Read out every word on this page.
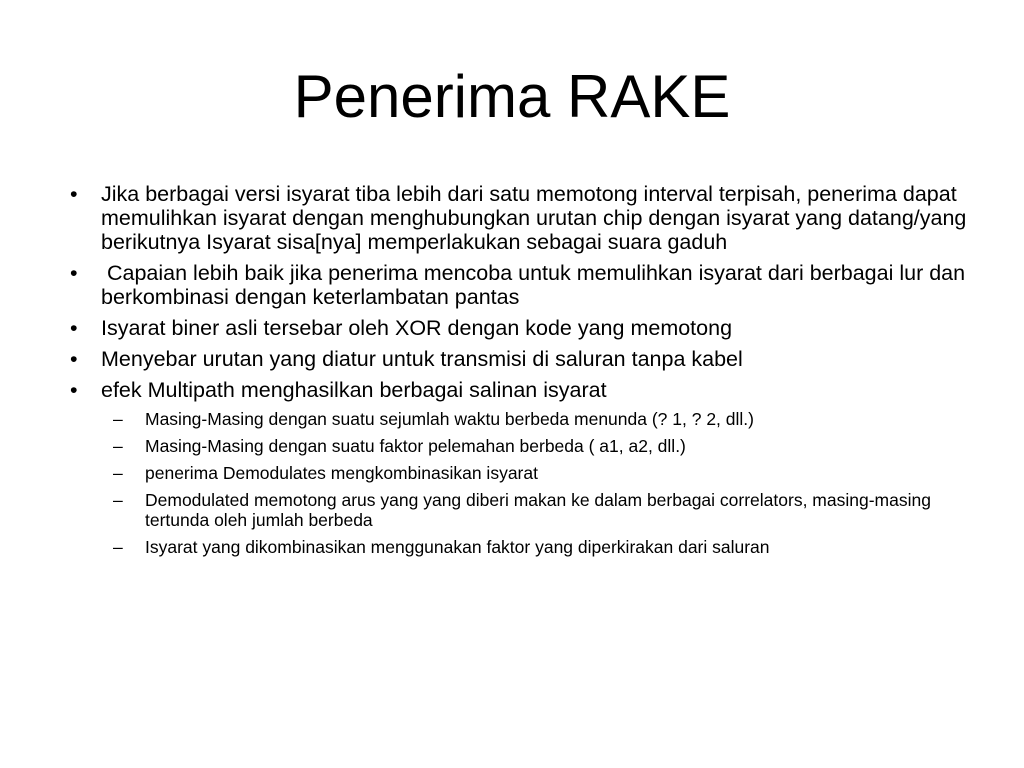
Penerima RAKE
•	Jika berbagai versi isyarat tiba lebih dari satu memotong interval terpisah, penerima dapat memulihkan isyarat dengan menghubungkan urutan chip dengan isyarat yang datang/yang berikutnya Isyarat sisa[nya] memperlakukan sebagai suara gaduh
•	Capaian lebih baik jika penerima mencoba untuk memulihkan isyarat dari berbagai lur dan berkombinasi dengan keterlambatan pantas
•	Isyarat biner asli tersebar oleh XOR dengan kode yang memotong
•	Menyebar urutan yang diatur untuk transmisi di saluran tanpa kabel
•	efek Multipath menghasilkan berbagai salinan isyarat
–	Masing-Masing dengan suatu sejumlah waktu berbeda menunda (? 1, ? 2, dll.)
–	Masing-Masing dengan suatu faktor pelemahan berbeda ( a1, a2, dll.)
–	penerima Demodulates mengkombinasikan isyarat
–	Demodulated memotong arus yang yang diberi makan ke dalam berbagai correlators, masing-masing tertunda oleh jumlah berbeda
–	Isyarat yang dikombinasikan menggunakan faktor yang diperkirakan dari saluran
